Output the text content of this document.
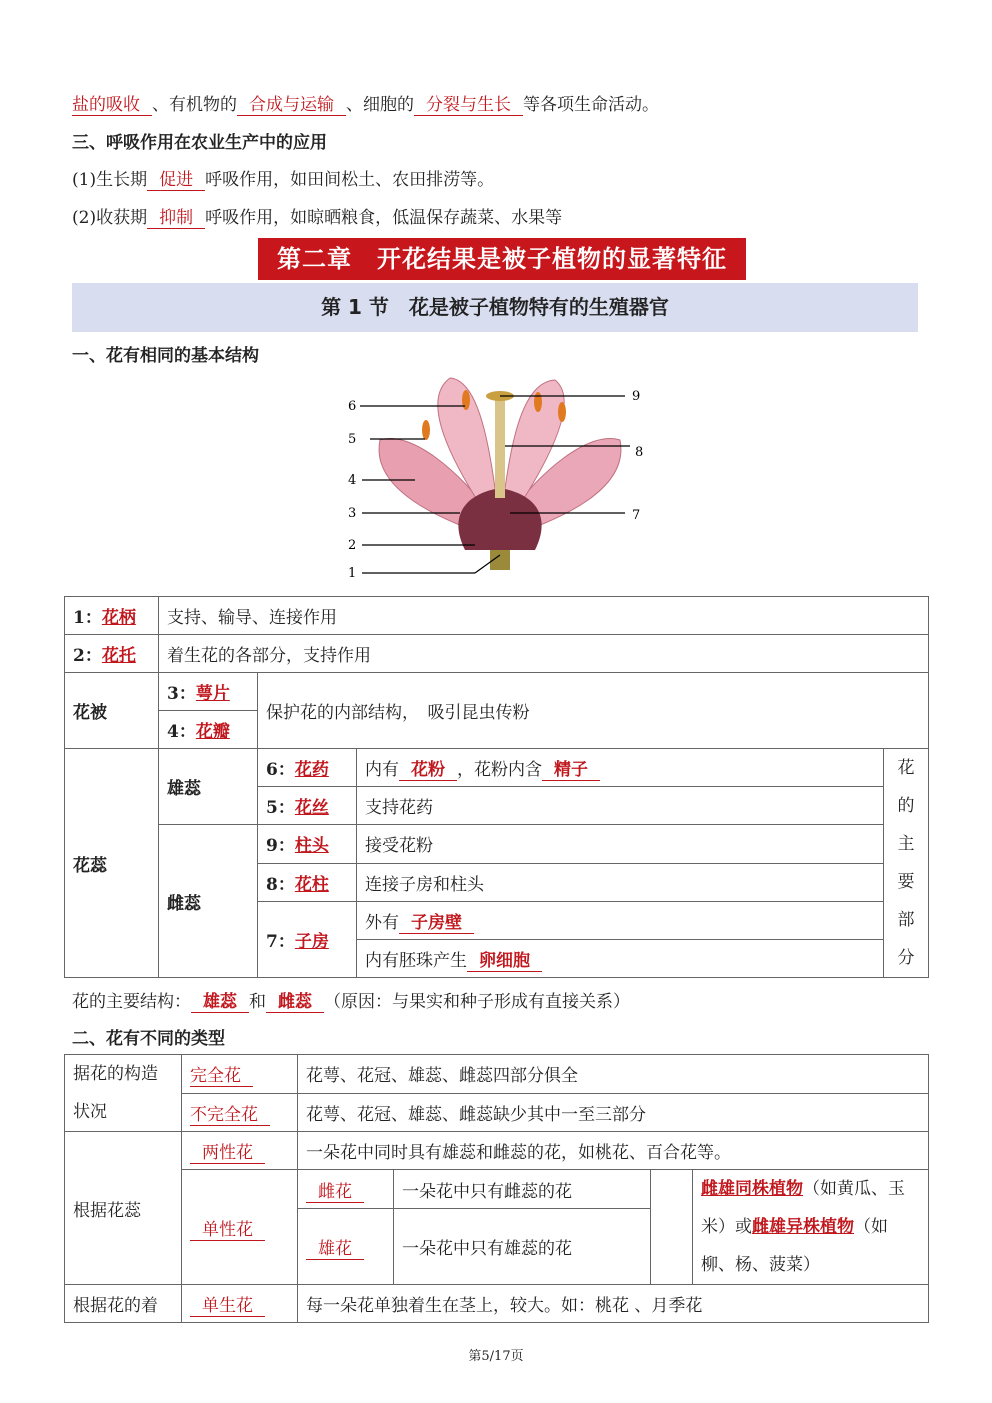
盐的吸收 、有机物的 合成与运输 、细胞的 分裂与生长 等各项生命活动。
三、呼吸作用在农业生产中的应用
(1)生长期 促进 呼吸作用，如田间松土、农田排涝等。
(2)收获期 抑制 呼吸作用，如晾晒粮食，低温保存蔬菜、水果等
第二章　开花结果是被子植物的显著特征
第 1 节　花是被子植物特有的生殖器官
一、花有相同的基本结构
6
5
4
3
2
1
9
8
7
1：花柄	支持、输导、连接作用			
2：花托	着生花的各部分，支持作用			
花被	3：萼片	保护花的内部结构，　吸引昆虫传粉		
	4：花瓣			
花蕊	雄蕊	6：花药	内有 花粉 ，花粉内含 精子	花的主要部分
		5：花丝	支持花药	
	雌蕊	9：柱头	接受花粉	
		8：花柱	连接子房和柱头	
		7：子房	外有 子房壁	
			内有胚珠产生 卵细胞	
花的主要结构： 雄蕊 和 雌蕊 （原因：与果实和种子形成有直接关系）
二、花有不同的类型
据花的构造状况	完全花	花萼、花冠、雄蕊、雌蕊四部分俱全			
	不完全花	花萼、花冠、雄蕊、雌蕊缺少其中一至三部分			
根据花蕊	两性花	一朵花中同时具有雄蕊和雌蕊的花，如桃花、百合花等。			
	单性花	雌花	一朵花中只有雌蕊的花		雌雄同株植物（如黄瓜、玉米）或雌雄异株植物（如柳、杨、菠菜）
		雄花	一朵花中只有雄蕊的花		
根据花的着	单生花	每一朵花单独着生在茎上，较大。如：桃花 、月季花			
第5/17页
